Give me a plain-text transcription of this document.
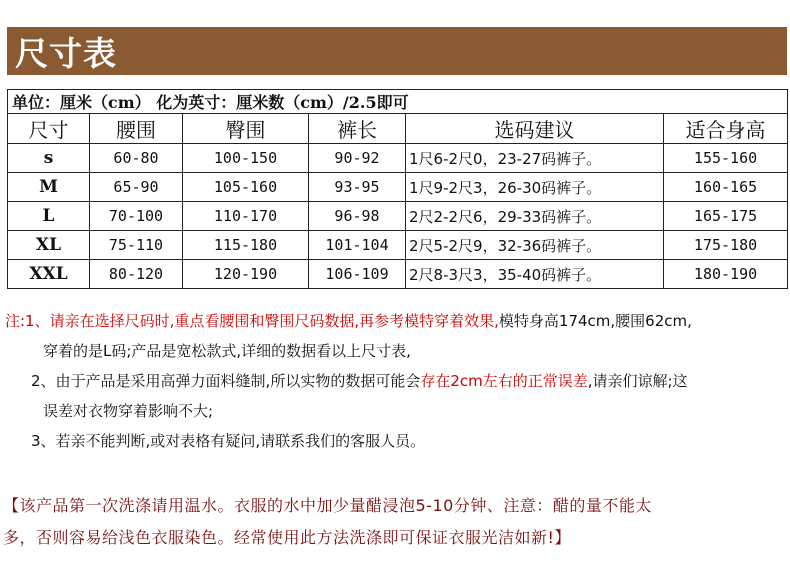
尺寸表
单位：厘米（cm） 化为英寸：厘米数（cm）/2.5即可					
尺寸	腰围	臀围	裤长	选码建议	适合身高
s	60-80	100-150	90-92	1尺6-2尺0，23-27码裤子。	155-160
M	65-90	105-160	93-95	1尺9-2尺3，26-30码裤子。	160-165
L	70-100	110-170	96-98	2尺2-2尺6，29-33码裤子。	165-175
XL	75-110	115-180	101-104	2尺5-2尺9，32-36码裤子。	175-180
XXL	80-120	120-190	106-109	2尺8-3尺3，35-40码裤子。	180-190
注:1、请亲在选择尺码时,重点看腰围和臀围尺码数据,再参考模特穿着效果,模特身高174cm,腰围62cm,
穿着的是L码;产品是宽松款式,详细的数据看以上尺寸表,
2、由于产品是采用高弹力面料缝制,所以实物的数据可能会存在2cm左右的正常误差,请亲们谅解;这
误差对衣物穿着影响不大;
3、若亲不能判断,或对表格有疑问,请联系我们的客服人员。
【该产品第一次洗涤请用温水。衣服的水中加少量醋浸泡5-10分钟、注意：醋的量不能太
多，否则容易给浅色衣服染色。经常使用此方法洗涤即可保证衣服光洁如新!】
